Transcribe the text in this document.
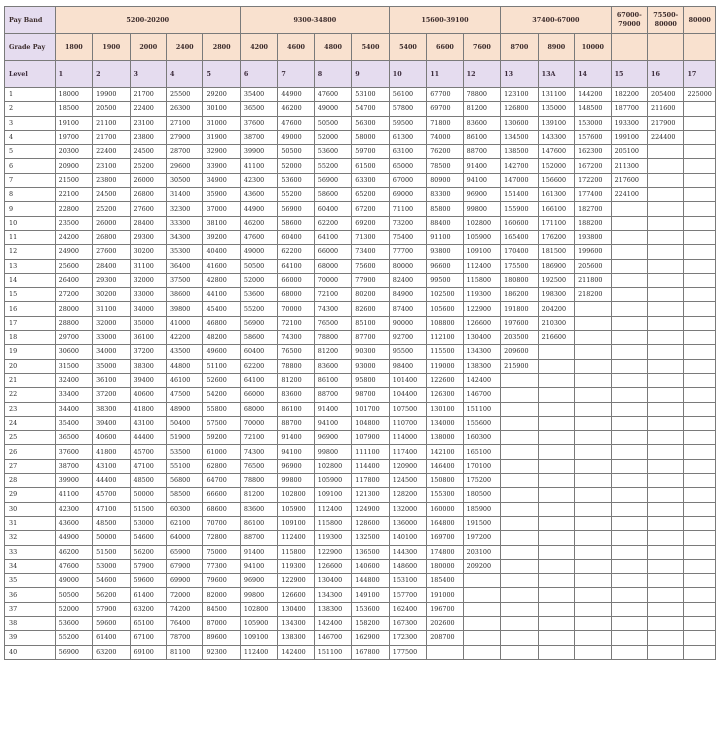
Pay Band	5200-20200					9300-34800				15600-39100			37400-67000			67000-79000	75500-80000	80000
Grade Pay	1800	1900	2000	2400	2800	4200	4600	4800	5400	5400	6600	7600	8700	8900	10000			
Level	1	2	3	4	5	6	7	8	9	10	11	12	13	13A	14	15	16	17
1	18000	19900	21700	25500	29200	35400	44900	47600	53100	56100	67700	78800	123100	131100	144200	182200	205400	225000
2	18500	20500	22400	26300	30100	36500	46200	49000	54700	57800	69700	81200	126800	135000	148500	187700	211600	
3	19100	21100	23100	27100	31000	37600	47600	50500	56300	59500	71800	83600	130600	139100	153000	193300	217900	
4	19700	21700	23800	27900	31900	38700	49000	52000	58000	61300	74000	86100	134500	143300	157600	199100	224400	
5	20300	22400	24500	28700	32900	39900	50500	53600	59700	63100	76200	88700	138500	147600	162300	205100		
6	20900	23100	25200	29600	33900	41100	52000	55200	61500	65000	78500	91400	142700	152000	167200	211300		
7	21500	23800	26000	30500	34900	42300	53600	56900	63300	67000	80900	94100	147000	156600	172200	217600		
8	22100	24500	26800	31400	35900	43600	55200	58600	65200	69000	83300	96900	151400	161300	177400	224100		
9	22800	25200	27600	32300	37000	44900	56900	60400	67200	71100	85800	99800	155900	166100	182700			
10	23500	26000	28400	33300	38100	46200	58600	62200	69200	73200	88400	102800	160600	171100	188200			
11	24200	26800	29300	34300	39200	47600	60400	64100	71300	75400	91100	105900	165400	176200	193800			
12	24900	27600	30200	35300	40400	49000	62200	66000	73400	77700	93800	109100	170400	181500	199600			
13	25600	28400	31100	36400	41600	50500	64100	68000	75600	80000	96600	112400	175500	186900	205600			
14	26400	29300	32000	37500	42800	52000	66000	70000	77900	82400	99500	115800	180800	192500	211800			
15	27200	30200	33000	38600	44100	53600	68000	72100	80200	84900	102500	119300	186200	198300	218200			
16	28000	31100	34000	39800	45400	55200	70000	74300	82600	87400	105600	122900	191800	204200				
17	28800	32000	35000	41000	46800	56900	72100	76500	85100	90000	108800	126600	197600	210300				
18	29700	33000	36100	42200	48200	58600	74300	78800	87700	92700	112100	130400	203500	216600				
19	30600	34000	37200	43500	49600	60400	76500	81200	90300	95500	115500	134300	209600					
20	31500	35000	38300	44800	51100	62200	78800	83600	93000	98400	119000	138300	215900					
21	32400	36100	39400	46100	52600	64100	81200	86100	95800	101400	122600	142400						
22	33400	37200	40600	47500	54200	66000	83600	88700	98700	104400	126300	146700						
23	34400	38300	41800	48900	55800	68000	86100	91400	101700	107500	130100	151100						
24	35400	39400	43100	50400	57500	70000	88700	94100	104800	110700	134000	155600						
25	36500	40600	44400	51900	59200	72100	91400	96900	107900	114000	138000	160300						
26	37600	41800	45700	53500	61000	74300	94100	99800	111100	117400	142100	165100						
27	38700	43100	47100	55100	62800	76500	96900	102800	114400	120900	146400	170100						
28	39900	44400	48500	56800	64700	78800	99800	105900	117800	124500	150800	175200						
29	41100	45700	50000	58500	66600	81200	102800	109100	121300	128200	155300	180500						
30	42300	47100	51500	60300	68600	83600	105900	112400	124900	132000	160000	185900						
31	43600	48500	53000	62100	70700	86100	109100	115800	128600	136000	164800	191500						
32	44900	50000	54600	64000	72800	88700	112400	119300	132500	140100	169700	197200						
33	46200	51500	56200	65900	75000	91400	115800	122900	136500	144300	174800	203100						
34	47600	53000	57900	67900	77300	94100	119300	126600	140600	148600	180000	209200						
35	49000	54600	59600	69900	79600	96900	122900	130400	144800	153100	185400							
36	50500	56200	61400	72000	82000	99800	126600	134300	149100	157700	191000							
37	52000	57900	63200	74200	84500	102800	130400	138300	153600	162400	196700							
38	53600	59600	65100	76400	87000	105900	134300	142400	158200	167300	202600							
39	55200	61400	67100	78700	89600	109100	138300	146700	162900	172300	208700							
40	56900	63200	69100	81100	92300	112400	142400	151100	167800	177500								
